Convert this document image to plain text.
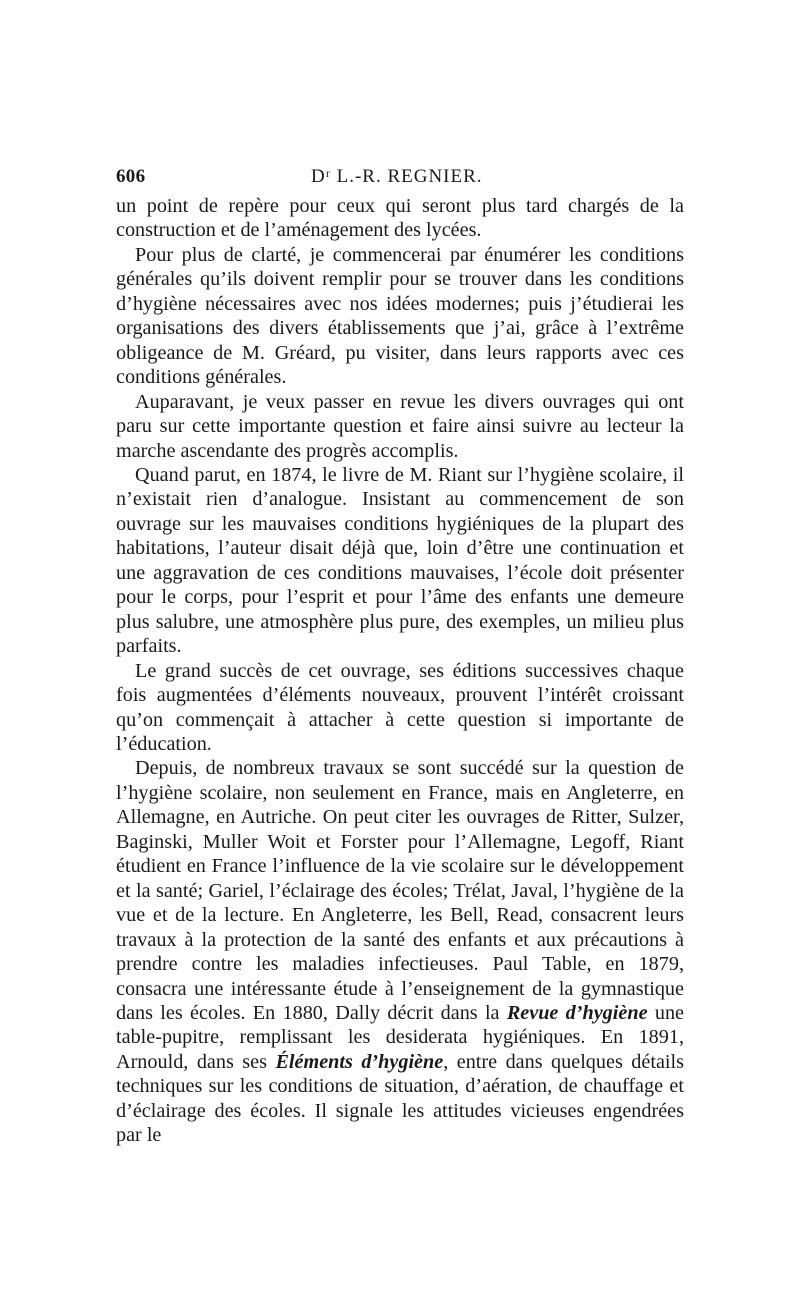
606	Dʳ L.-R. REGNIER.

un point de repère pour ceux qui seront plus tard chargés de la construction et de l’aménagement des lycées.

Pour plus de clarté, je commencerai par énumérer les conditions générales qu’ils doivent remplir pour se trouver dans les conditions d’hygiène nécessaires avec nos idées modernes; puis j’étudierai les organisations des divers établissements que j’ai, grâce à l’extrême obligeance de M. Gréard, pu visiter, dans leurs rapports avec ces conditions générales.

Auparavant, je veux passer en revue les divers ouvrages qui ont paru sur cette importante question et faire ainsi suivre au lecteur la marche ascendante des progrès accomplis.

Quand parut, en 1874, le livre de M. Riant sur l’hygiène scolaire, il n’existait rien d’analogue. Insistant au commencement de son ouvrage sur les mauvaises conditions hygiéniques de la plupart des habitations, l’auteur disait déjà que, loin d’être une continuation et une aggravation de ces conditions mauvaises, l’école doit présenter pour le corps, pour l’esprit et pour l’âme des enfants une demeure plus salubre, une atmosphère plus pure, des exemples, un milieu plus parfaits.

Le grand succès de cet ouvrage, ses éditions successives chaque fois augmentées d’éléments nouveaux, prouvent l’intérêt croissant qu’on commençait à attacher à cette question si importante de l’éducation.

Depuis, de nombreux travaux se sont succédé sur la question de l’hygiène scolaire, non seulement en France, mais en Angleterre, en Allemagne, en Autriche. On peut citer les ouvrages de Ritter, Sulzer, Baginski, Muller Woit et Forster pour l’Allemagne, Legoff, Riant étudient en France l’influence de la vie scolaire sur le développement et la santé; Gariel, l’éclairage des écoles; Trélat, Javal, l’hygiène de la vue et de la lecture. En Angleterre, les Bell, Read, consacrent leurs travaux à la protection de la santé des enfants et aux précautions à prendre contre les maladies infectieuses. Paul Table, en 1879, consacra une intéressante étude à l’enseignement de la gymnastique dans les écoles. En 1880, Dally décrit dans la Revue d’hygiène une table-pupitre, remplissant les desiderata hygiéniques. En 1891, Arnould, dans ses Éléments d’hygiène, entre dans quelques détails techniques sur les conditions de situation, d’aération, de chauffage et d’éclairage des écoles. Il signale les attitudes vicieuses engendrées par le
